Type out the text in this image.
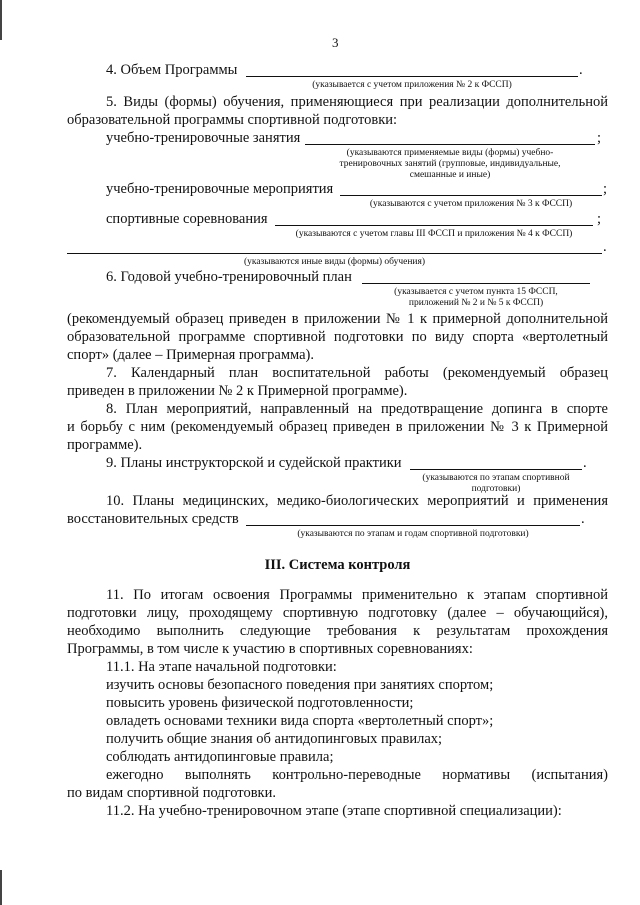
3
4. Объем Программы	.
(указывается с учетом приложения № 2 к ФССП)
5. Виды (формы) обучения, применяющиеся при реализации дополнительной
образовательной программы спортивной подготовки:
учебно-тренировочные занятия	;
(указываются применяемые виды (формы) учебно-
тренировочных занятий (групповые, индивидуальные,
смешанные и иные)
учебно-тренировочные мероприятия	;
(указываются с учетом приложения № 3 к ФССП)
спортивные соревнования	;
(указываются с учетом главы III ФССП и приложения № 4 к ФССП)
.
(указываются иные виды (формы) обучения)
6. Годовой учебно-тренировочный план
(указывается с учетом пункта 15 ФССП,
приложений № 2 и № 5 к ФССП)
(рекомендуемый образец приведен в приложении № 1 к примерной дополнительной
образовательной программе спортивной подготовки по виду спорта «вертолетный
спорт» (далее – Примерная программа).
7. Календарный план воспитательной работы (рекомендуемый образец
приведен в приложении № 2 к Примерной программе).
8. План мероприятий, направленный на предотвращение допинга в спорте
и борьбу с ним (рекомендуемый образец приведен в приложении № 3 к Примерной
программе).
9. Планы инструкторской и судейской практики	.
(указываются по этапам спортивной
подготовки)
10. Планы медицинских, медико-биологических мероприятий и применения
восстановительных средств	.
(указываются по этапам и годам спортивной подготовки)
III. Система контроля
11. По итогам освоения Программы применительно к этапам спортивной
подготовки лицу, проходящему спортивную подготовку (далее – обучающийся),
необходимо выполнить следующие требования к результатам прохождения
Программы, в том числе к участию в спортивных соревнованиях:
11.1. На этапе начальной подготовки:
изучить основы безопасного поведения при занятиях спортом;
повысить уровень физической подготовленности;
овладеть основами техники вида спорта «вертолетный спорт»;
получить общие знания об антидопинговых правилах;
соблюдать антидопинговые правила;
ежегодно выполнять контрольно-переводные нормативы (испытания)
по видам спортивной подготовки.
11.2. На учебно-тренировочном этапе (этапе спортивной специализации):
